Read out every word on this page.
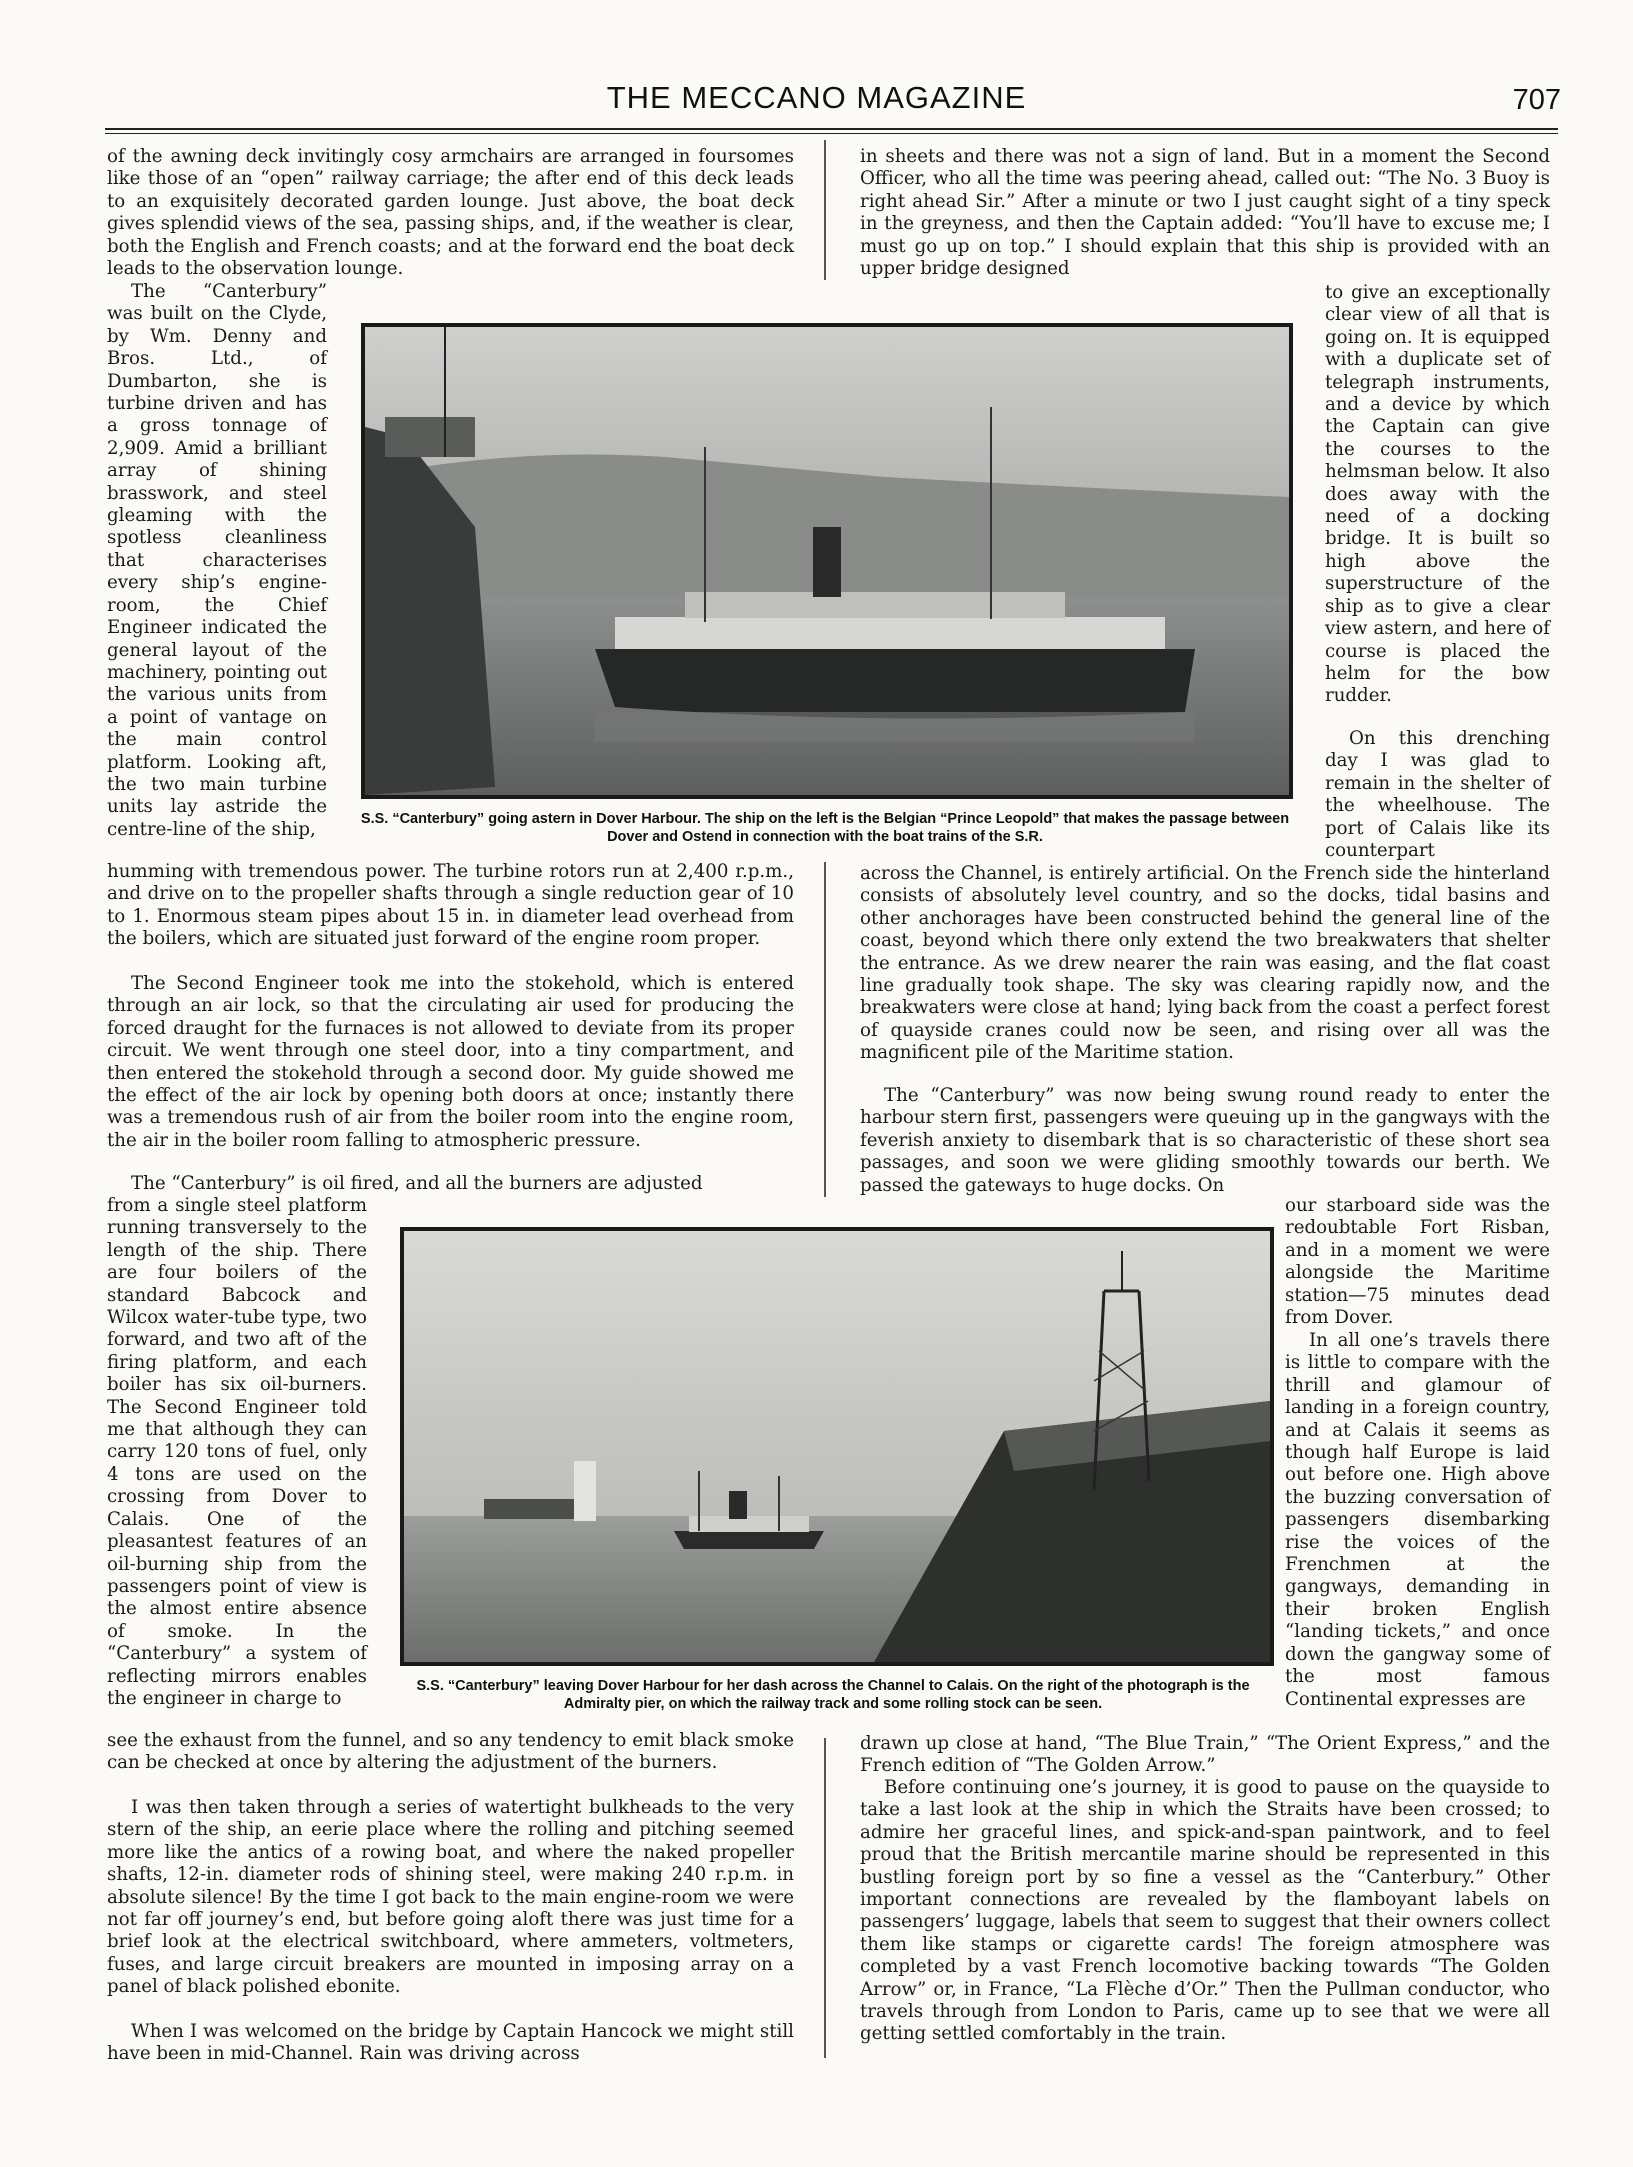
THE MECCANO MAGAZINE	707

of the awning deck invitingly cosy armchairs are arranged in foursomes like those of an “open” railway carriage; the after end of this deck leads to an exquisitely decorated garden lounge. Just above, the boat deck gives splendid views of the sea, passing ships, and, if the weather is clear, both the English and French coasts; and at the forward end the boat deck leads to the observation lounge.

The “Canterbury” was built on the Clyde, by Wm. Denny and Bros. Ltd., of Dumbarton, she is turbine driven and has a gross tonnage of 2,909. Amid a brilliant array of shining brasswork, and steel gleaming with the spotless cleanliness that characterises every ship’s engine-room, the Chief Engineer indicated the general layout of the machinery, pointing out the various units from a point of vantage on the main control platform. Looking aft, the two main turbine units lay astride the centre-line of the ship,

humming with tremendous power. The turbine rotors run at 2,400 r.p.m., and drive on to the propeller shafts through a single reduction gear of 10 to 1. Enormous steam pipes about 15 in. in diameter lead overhead from the boilers, which are situated just forward of the engine room proper.

The Second Engineer took me into the stokehold, which is entered through an air lock, so that the circulating air used for producing the forced draught for the furnaces is not allowed to deviate from its proper circuit. We went through one steel door, into a tiny compartment, and then entered the stokehold through a second door. My guide showed me the effect of the air lock by opening both doors at once; instantly there was a tremendous rush of air from the boiler room into the engine room, the air in the boiler room falling to atmospheric pressure.

The “Canterbury” is oil fired, and all the burners are adjusted

from a single steel platform running transversely to the length of the ship. There are four boilers of the standard Babcock and Wilcox water-tube type, two forward, and two aft of the firing platform, and each boiler has six oil-burners. The Second Engineer told me that although they can carry 120 tons of fuel, only 4 tons are used on the crossing from Dover to Calais. One of the pleasantest features of an oil-burning ship from the passengers point of view is the almost entire absence of smoke. In the “Canterbury” a system of reflecting mirrors enables the engineer in charge to

see the exhaust from the funnel, and so any tendency to emit black smoke can be checked at once by altering the adjustment of the burners.

I was then taken through a series of watertight bulkheads to the very stern of the ship, an eerie place where the rolling and pitching seemed more like the antics of a rowing boat, and where the naked propeller shafts, 12-in. diameter rods of shining steel, were making 240 r.p.m. in absolute silence! By the time I got back to the main engine-room we were not far off journey’s end, but before going aloft there was just time for a brief look at the electrical switchboard, where ammeters, voltmeters, fuses, and large circuit breakers are mounted in imposing array on a panel of black polished ebonite.

When I was welcomed on the bridge by Captain Hancock we might still have been in mid-Channel. Rain was driving across

in sheets and there was not a sign of land. But in a moment the Second Officer, who all the time was peering ahead, called out: “The No. 3 Buoy is right ahead Sir.” After a minute or two I just caught sight of a tiny speck in the greyness, and then the Captain added: “You’ll have to excuse me; I must go up on top.” I should explain that this ship is provided with an upper bridge designed

to give an exceptionally clear view of all that is going on. It is equipped with a duplicate set of telegraph instruments, and a device by which the Captain can give the courses to the helmsman below. It also does away with the need of a docking bridge. It is built so high above the superstructure of the ship as to give a clear view astern, and here of course is placed the helm for the bow rudder.

On this drenching day I was glad to remain in the shelter of the wheelhouse. The port of Calais like its counterpart

across the Channel, is entirely artificial. On the French side the hinterland consists of absolutely level country, and so the docks, tidal basins and other anchorages have been constructed behind the general line of the coast, beyond which there only extend the two breakwaters that shelter the entrance. As we drew nearer the rain was easing, and the flat coast line gradually took shape. The sky was clearing rapidly now, and the breakwaters were close at hand; lying back from the coast a perfect forest of quayside cranes could now be seen, and rising over all was the magnificent pile of the Maritime station.

The “Canterbury” was now being swung round ready to enter the harbour stern first, passengers were queuing up in the gangways with the feverish anxiety to disembark that is so characteristic of these short sea passages, and soon we were gliding smoothly towards our berth. We passed the gateways to huge docks. On

our starboard side was the redoubtable Fort Risban, and in a moment we were alongside the Maritime station—75 minutes dead from Dover.

In all one’s travels there is little to compare with the thrill and glamour of landing in a foreign country, and at Calais it seems as though half Europe is laid out before one. High above the buzzing conversation of passengers disembarking rise the voices of the Frenchmen at the gangways, demanding in their broken English “landing tickets,” and once down the gangway some of the most famous Continental expresses are

drawn up close at hand, “The Blue Train,” “The Orient Express,” and the French edition of “The Golden Arrow.”

Before continuing one’s journey, it is good to pause on the quayside to take a last look at the ship in which the Straits have been crossed; to admire her graceful lines, and spick-and-span paintwork, and to feel proud that the British mercantile marine should be represented in this bustling foreign port by so fine a vessel as the “Canterbury.” Other important connections are revealed by the flamboyant labels on passengers’ luggage, labels that seem to suggest that their owners collect them like stamps or cigarette cards! The foreign atmosphere was completed by a vast French locomotive backing towards “The Golden Arrow” or, in France, “La Flèche d’Or.” Then the Pullman conductor, who travels through from London to Paris, came up to see that we were all getting settled comfortably in the train.

S.S. “Canterbury” going astern in Dover Harbour. The ship on the left is the Belgian “Prince Leopold” that makes the passage between Dover and Ostend in connection with the boat trains of the S.R.
S.S. “Canterbury” leaving Dover Harbour for her dash across the Channel to Calais. On the right of the photograph is the Admiralty pier, on which the railway track and some rolling stock can be seen.
